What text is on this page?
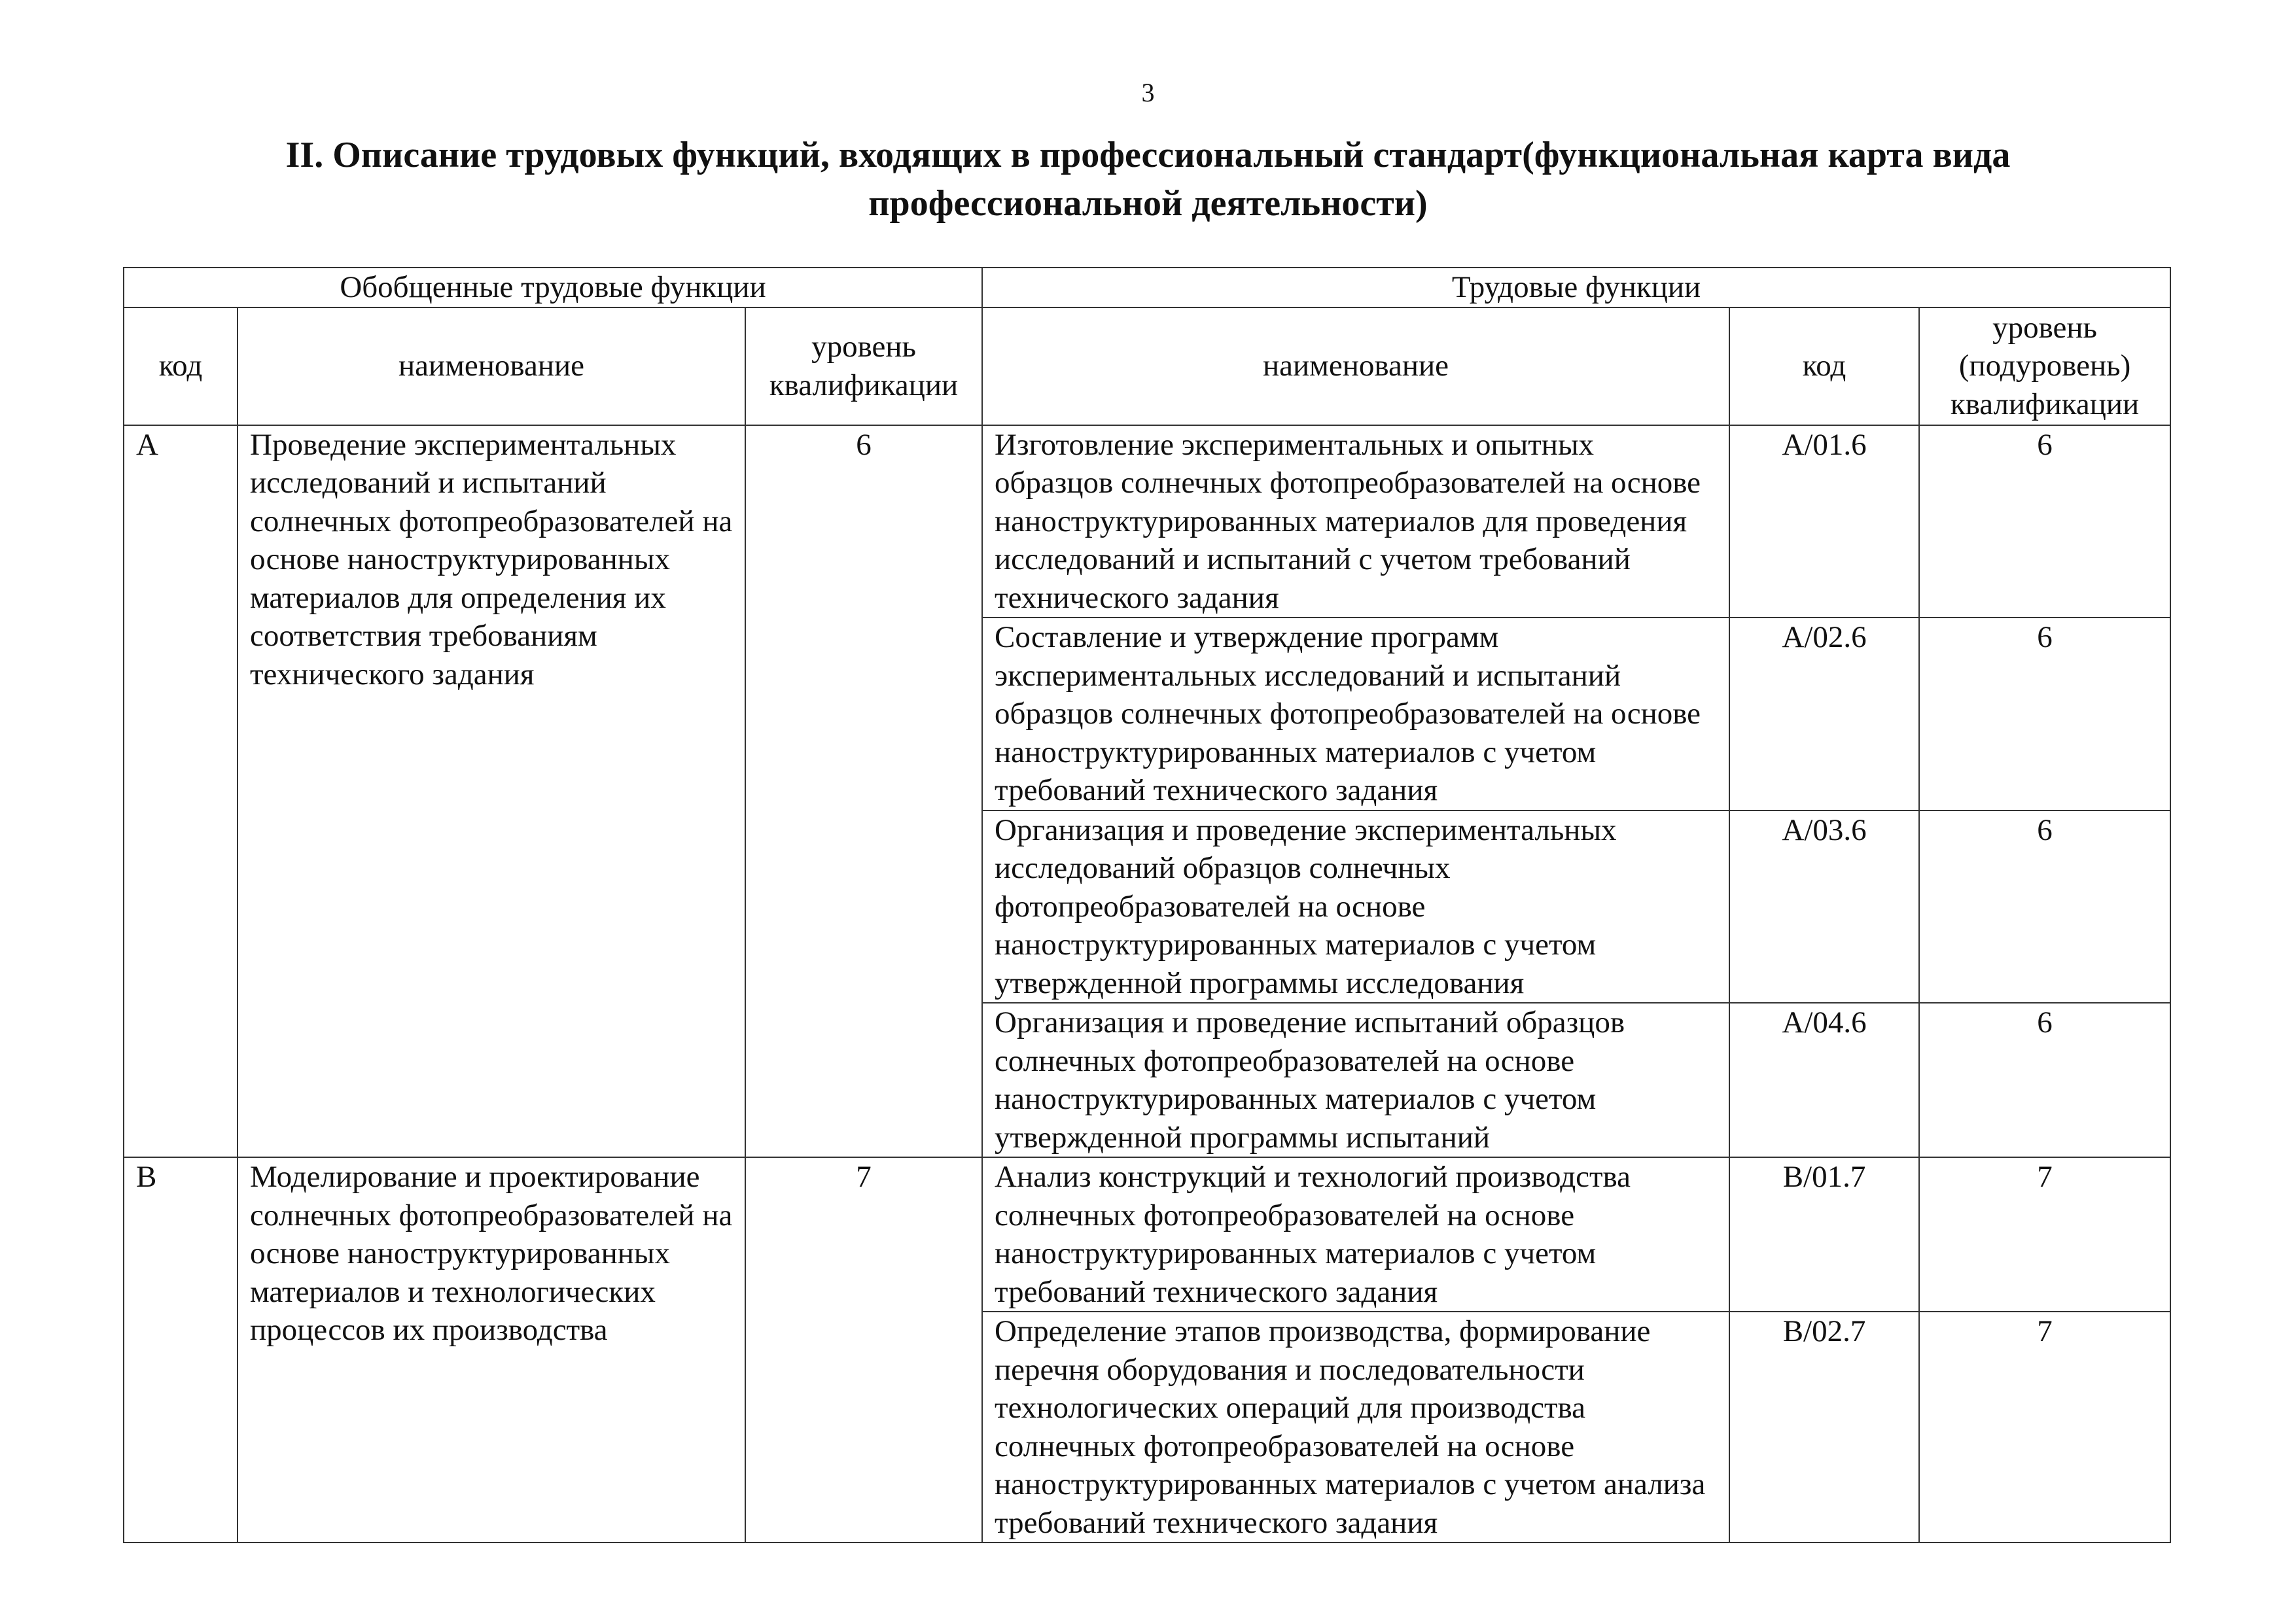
3
II. Описание трудовых функций, входящих в профессиональный стандарт(функциональная карта вида профессиональной деятельности)
Обобщенные трудовые функции			Трудовые функции		
код	наименование	уровень квалификации	наименование	код	уровень (подуровень) квалификации
A	Проведение экспериментальных исследований и испытаний солнечных фотопреобразователей на основе наноструктурированных материалов для определения их соответствия требованиям технического задания	6	Изготовление экспериментальных и опытных образцов солнечных фотопреобразователей на основе наноструктурированных материалов для проведения исследований и испытаний с учетом требований технического задания	A/01.6	6
			Составление и утверждение программ экспериментальных исследований и испытаний образцов солнечных фотопреобразователей на основе наноструктурированных материалов с учетом требований технического задания	A/02.6	6
			Организация и проведение экспериментальных исследований образцов солнечных фотопреобразователей на основе наноструктурированных материалов с учетом утвержденной программы исследования	A/03.6	6
			Организация и проведение испытаний образцов солнечных фотопреобразователей на основе наноструктурированных материалов с учетом утвержденной программы испытаний	A/04.6	6
B	Моделирование и проектирование солнечных фотопреобразователей на основе наноструктурированных материалов и технологических процессов их производства	7	Анализ конструкций и технологий производства солнечных фотопреобразователей на основе наноструктурированных материалов с учетом требований технического задания	B/01.7	7
			Определение этапов производства, формирование перечня оборудования и последовательности технологических операций для производства солнечных фотопреобразователей на основе наноструктурированных материалов с учетом анализа требований технического задания	B/02.7	7
